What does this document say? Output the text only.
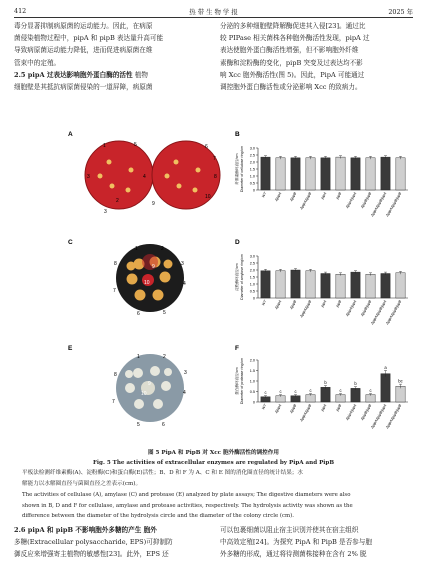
412	热 带 生 物 学 报	2025 年
毒分显著抑制病原菌的运动能力。因此，在病原
菌侵染植物过程中，pipA 和 pipB 表达量升高可能
导致病原菌运动能力降低，进而促进病原菌在维
管束中的定殖。
2.5 pipA 过表达影响胞外蛋白酶的活性 植物
细胞壁是其抵抗病原菌侵染的一道屏障，病原菌
分泌的多种细胞壁降解酶促进其入侵[23]。通过比
较 PIPase 相关菌株各种胞外酶活性发现，pipA 过
表达使胞外蛋白酶活性增强，但不影响胞外纤维
素酶和淀粉酶的变化，pipB 突变及过表达均不影
响 Xcc 胞外酶活性(图 5)。因此，PipA 可能通过
调控胞外蛋白酶活性或分泌影响 Xcc 的致病力。
A
C
E
B
D
F
1	5
3	4
2
3
6
7
8
9
10
1	2
8	9	3
4
7
10
5
6
1	2
8
9
3
7
10	4
6
5
0
0.5
1.0
1.5
2.0
2.5
3.0
纤维素酶环直径/cm Diameter of cellulose ring/cm
WT ΔpipA ΔpipB ΔpipAΔpipB pipA pipB ΔpipA/pipA ΔpipB/pipB
ΔpipAΔpipB/pipA
ΔpipAΔpipB/pipB
0
0.5
1.0
1.5
2.0
2.5
3.0
淀粉酶环直径/cm Diameter of amylose ring/cm
WT ΔpipA ΔpipB ΔpipAΔpipB pipA pipB ΔpipA/pipA ΔpipB/pipB
ΔpipAΔpipB/pipA
ΔpipAΔpipB/pipB
0
0.5
1.0
1.5
2.0
蛋白酶环直径/cm Diameter of protease ring/cm	c
WT
c
ΔpipA
c
ΔpipB
c
ΔpipAΔpipB
b
pipA
c
pipB
b
ΔpipA/pipA
c
ΔpipB/pipB
a
ΔpipAΔpipB/pipA
bc
ΔpipAΔpipB/pipB
图 5 PipA 和 PipB 对 Xcc 胞外酶活性的调控作用
Fig. 5 The activities of extracellular enzymes are regulated by PipA and PipB
平板法检测纤维素酶(A)、淀粉酶(C)和蛋白酶(E)活性；B、D 和 F 为 A、C 和 E 图的消化圈直径的统计结果；水
解能力以水解圈直径与菌圈直径之差表示(cm)。
The activities of cellulase (A), amylase (C) and protease (E) analyzed by plate assays; The digestive diameters were also
shown in B, D and F for cellulase, amylase and protease activities, respectively. The hydrolysis activity was shown as the
difference between the diameter of the hydrolysis circle and the diameter of the colony circle (cm).
2.6 pipA 和 pipB 不影响胞外多糖的产生 胞外
多糖(Extracellular polysaccharide, EPS)可抑制防
御反应来增强寄主植物的敏感性[23]。此外，EPS 还
可以包裹细菌以阻止宿主识别并使其在宿主组织
中高效定殖[24]。为探究 PipA 和 PipB 是否参与胞
外多糖的形成，通过将待测菌株接种在含有 2% 脱
